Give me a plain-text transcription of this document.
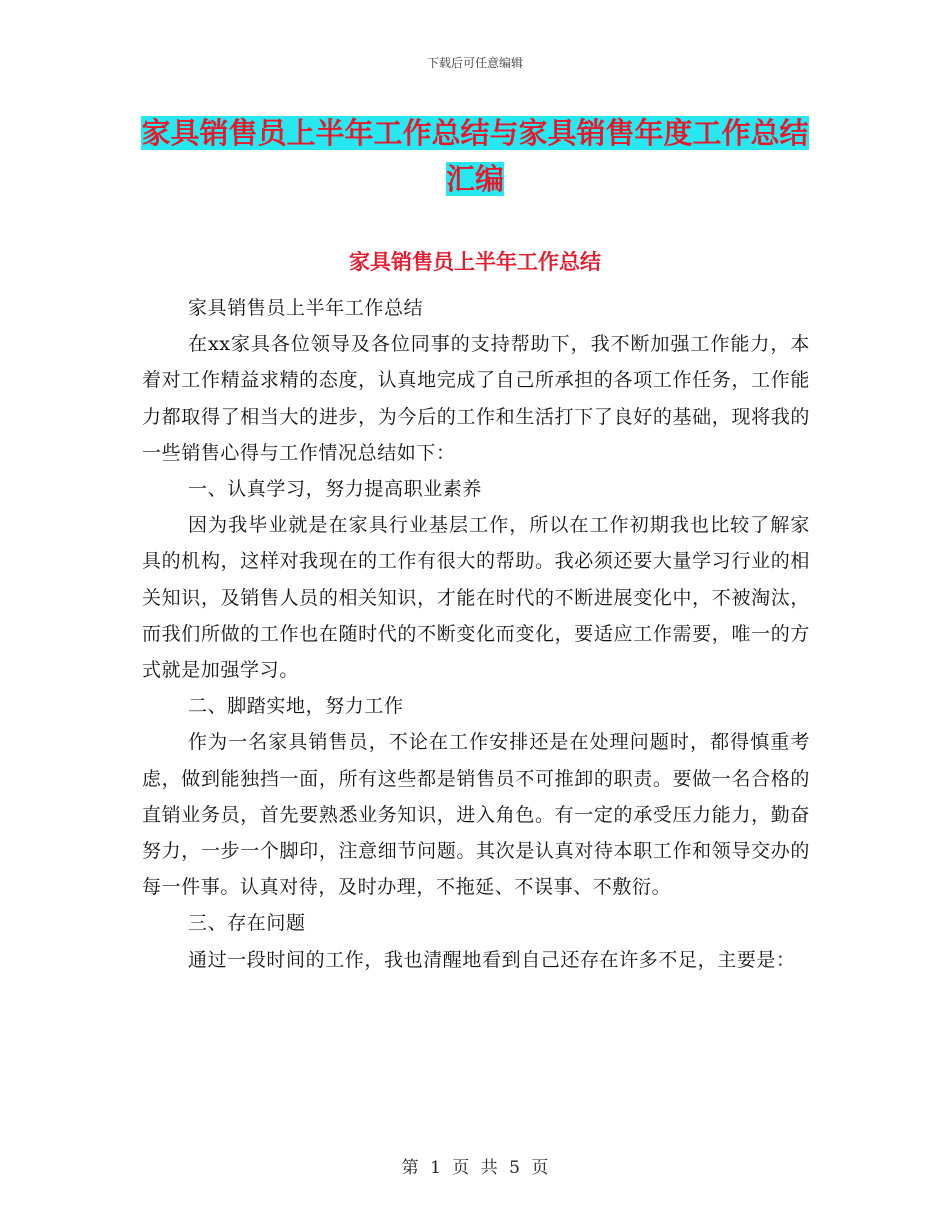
下载后可任意编辑
家具销售员上半年工作总结与家具销售年度工作总结
汇编
家具销售员上半年工作总结

家具销售员上半年工作总结

在xx家具各位领导及各位同事的支持帮助下，我不断加强工作能力，本着对工作精益求精的态度，认真地完成了自己所承担的各项工作任务，工作能力都取得了相当大的进步，为今后的工作和生活打下了良好的基础，现将我的一些销售心得与工作情况总结如下：

一、认真学习，努力提高职业素养

因为我毕业就是在家具行业基层工作，所以在工作初期我也比较了解家具的机构，这样对我现在的工作有很大的帮助。我必须还要大量学习行业的相关知识，及销售人员的相关知识，才能在时代的不断进展变化中，不被淘汰，而我们所做的工作也在随时代的不断变化而变化，要适应工作需要，唯一的方式就是加强学习。

二、脚踏实地，努力工作

作为一名家具销售员，不论在工作安排还是在处理问题时，都得慎重考虑，做到能独挡一面，所有这些都是销售员不可推卸的职责。要做一名合格的直销业务员，首先要熟悉业务知识，进入角色。有一定的承受压力能力，勤奋努力，一步一个脚印，注意细节问题。其次是认真对待本职工作和领导交办的每一件事。认真对待，及时办理，不拖延、不误事、不敷衍。

三、存在问题

通过一段时间的工作，我也清醒地看到自己还存在许多不足，主要是：

第 1 页 共 5 页
